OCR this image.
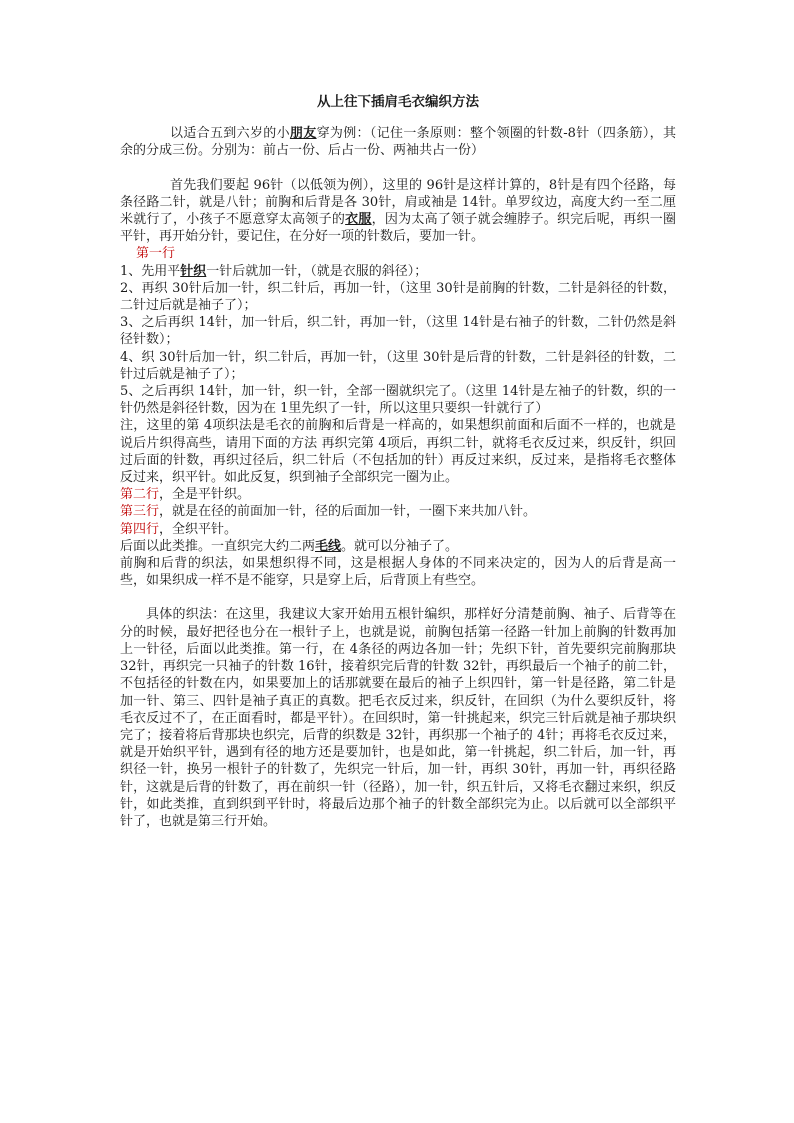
从上往下插肩毛衣编织方法

以适合五到六岁的小朋友穿为例：（记住一条原则：整个领圈的针数-8针（四条筋），其余的分成三份。分别为：前占一份、后占一份、两袖共占一份）

首先我们要起 96针（以低领为例），这里的 96针是这样计算的，8针是有四个径路，每条径路二针，就是八针；前胸和后背是各 30针，肩或袖是 14针。单罗纹边，高度大约一至二厘米就行了，小孩子不愿意穿太高领子的衣服，因为太高了领子就会缠脖子。织完后呢，再织一圈平针，再开始分针，要记住，在分好一项的针数后，要加一针。

第一行

1、先用平针织一针后就加一针，（就是衣服的斜径）；

2、再织 30针后加一针，织二针后，再加一针，（这里 30针是前胸的针数，二针是斜径的针数，二针过后就是袖子了）；

3、之后再织 14针，加一针后，织二针，再加一针，（这里 14针是右袖子的针数，二针仍然是斜径针数）；

4、织 30针后加一针，织二针后，再加一针，（这里 30针是后背的针数，二针是斜径的针数，二针过后就是袖子了）；

5、之后再织 14针，加一针，织一针，全部一圈就织完了。（这里 14针是左袖子的针数，织的一针仍然是斜径针数，因为在 1里先织了一针，所以这里只要织一针就行了）

注，这里的第 4项织法是毛衣的前胸和后背是一样高的，如果想织前面和后面不一样的，也就是说后片织得高些，请用下面的方法 再织完第 4项后，再织二针，就将毛衣反过来，织反针，织回过后面的针数，再织过径后，织二针后（不包括加的针）再反过来织，反过来，是指将毛衣整体反过来，织平针。如此反复，织到袖子全部织完一圈为止。

第二行，全是平针织。

第三行，就是在径的前面加一针，径的后面加一针，一圈下来共加八针。

第四行，全织平针。

后面以此类推。一直织完大约二两毛线。就可以分袖子了。

前胸和后背的织法，如果想织得不同，这是根据人身体的不同来决定的，因为人的后背是高一些，如果织成一样不是不能穿，只是穿上后，后背顶上有些空。

具体的织法：在这里，我建议大家开始用五根针编织，那样好分清楚前胸、袖子、后背等在分的时候，最好把径也分在一根针子上，也就是说，前胸包括第一径路一针加上前胸的针数再加上一针径，后面以此类推。第一行，在 4条径的两边各加一针；先织下针，首先要织完前胸那块 32针，再织完一只袖子的针数 16针，接着织完后背的针数 32针，再织最后一个袖子的前二针，不包括径的针数在内，如果要加上的话那就要在最后的袖子上织四针，第一针是径路，第二针是加一针、第三、四针是袖子真正的真数。把毛衣反过来，织反针，在回织（为什么要织反针，将毛衣反过不了，在正面看时，都是平针）。在回织时，第一针挑起来，织完三针后就是袖子那块织完了；接着将后背那块也织完，后背的织数是 32针，再织那一个袖子的 4针；再将毛衣反过来，就是开始织平针，遇到有径的地方还是要加针，也是如此，第一针挑起，织二针后，加一针，再织径一针，换另一根针子的针数了，先织完一针后，加一针，再织 30针，再加一针，再织径路针，这就是后背的针数了，再在前织一针（径路），加一针，织五针后，又将毛衣翻过来织，织反针，如此类推，直到织到平针时，将最后边那个袖子的针数全部织完为止。以后就可以全部织平针了，也就是第三行开始。
